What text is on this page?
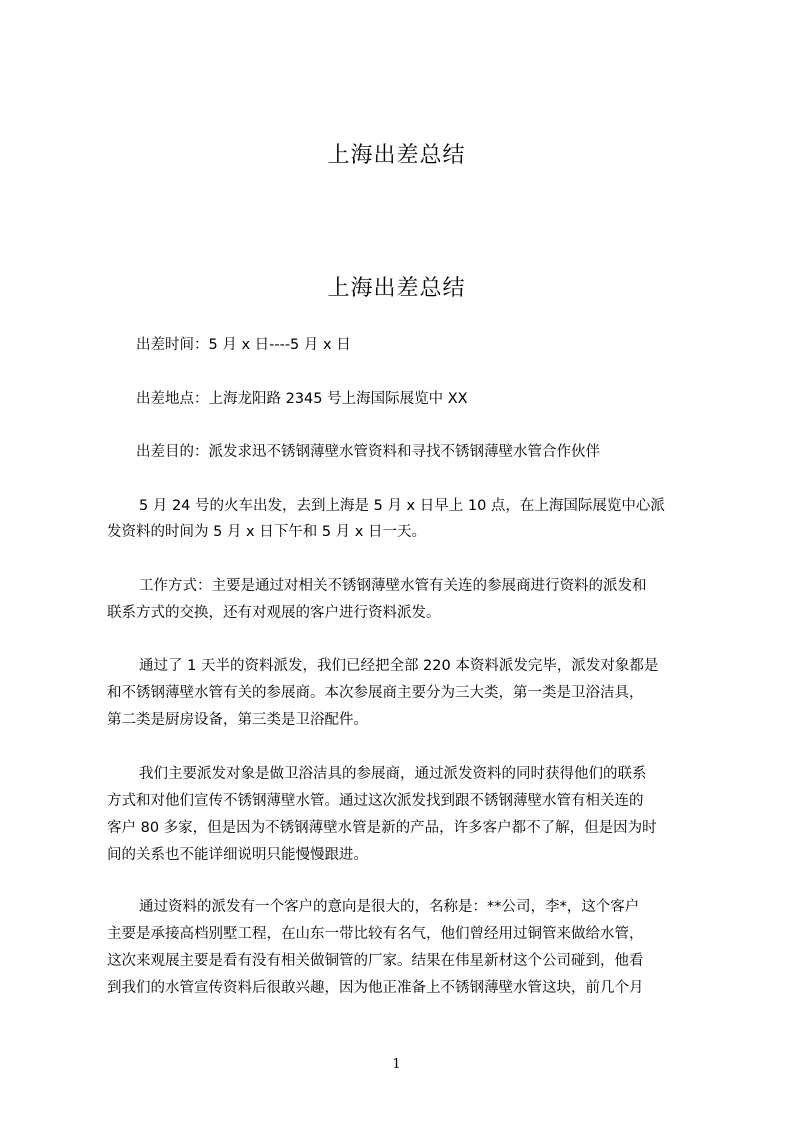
上海出差总结
上海出差总结
出差时间：5 月 x 日----5 月 x 日
出差地点：上海龙阳路 2345 号上海国际展览中 XX
出差目的：派发求迅不锈钢薄壁水管资料和寻找不锈钢薄壁水管合作伙伴
5 月 24 号的火车出发，去到上海是 5 月 x 日早上 10 点，在上海国际展览中心派
发资料的时间为 5 月 x 日下午和 5 月 x 日一天。
工作方式：主要是通过对相关不锈钢薄壁水管有关连的参展商进行资料的派发和
联系方式的交换，还有对观展的客户进行资料派发。
通过了 1 天半的资料派发，我们已经把全部 220 本资料派发完毕，派发对象都是
和不锈钢薄壁水管有关的参展商。本次参展商主要分为三大类，第一类是卫浴洁具，
第二类是厨房设备，第三类是卫浴配件。
我们主要派发对象是做卫浴洁具的参展商，通过派发资料的同时获得他们的联系
方式和对他们宣传不锈钢薄壁水管。通过这次派发找到跟不锈钢薄壁水管有相关连的
客户 80 多家，但是因为不锈钢薄壁水管是新的产品，许多客户都不了解，但是因为时
间的关系也不能详细说明只能慢慢跟进。
通过资料的派发有一个客户的意向是很大的，名称是：**公司，李*，这个客户
主要是承接高档别墅工程，在山东一带比较有名气，他们曾经用过铜管来做给水管，
这次来观展主要是看有没有相关做铜管的厂家。结果在伟星新材这个公司碰到，他看
到我们的水管宣传资料后很敢兴趣，因为他正准备上不锈钢薄壁水管这块，前几个月
1
